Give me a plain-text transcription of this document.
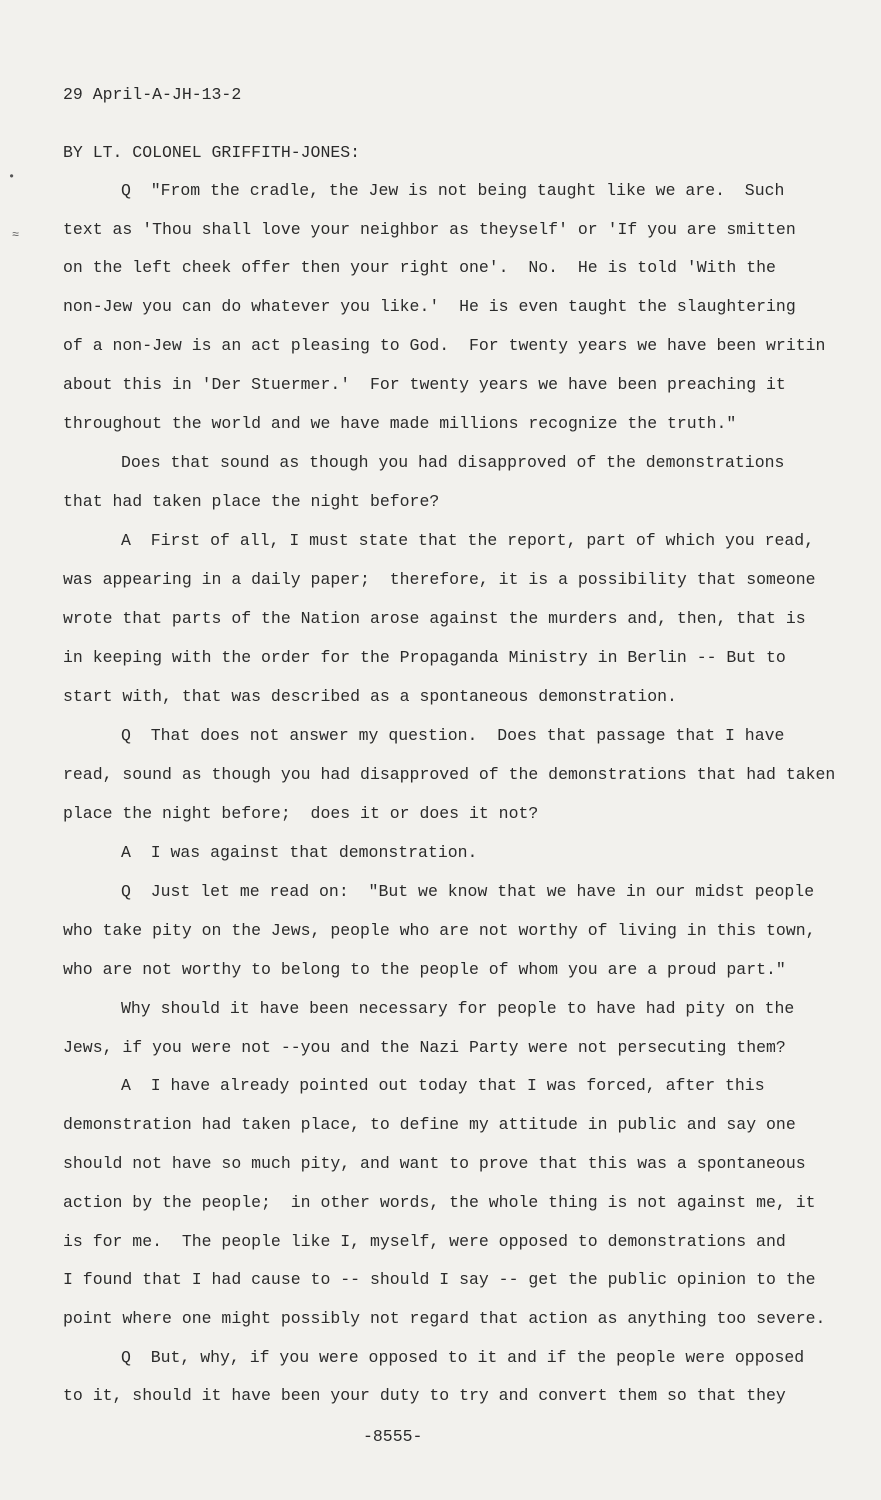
•
≈
29 April-A-JH-13-2
BY LT. COLONEL GRIFFITH-JONES:
Q  "From the cradle, the Jew is not being taught like we are.  Such
text as 'Thou shall love your neighbor as theyself' or 'If you are smitten
on the left cheek offer then your right one'.  No.  He is told 'With the
non-Jew you can do whatever you like.'  He is even taught the slaughtering
of a non-Jew is an act pleasing to God.  For twenty years we have been writin
about this in 'Der Stuermer.'  For twenty years we have been preaching it
throughout the world and we have made millions recognize the truth."
Does that sound as though you had disapproved of the demonstrations
that had taken place the night before?
A  First of all, I must state that the report, part of which you read,
was appearing in a daily paper;  therefore, it is a possibility that someone
wrote that parts of the Nation arose against the murders and, then, that is
in keeping with the order for the Propaganda Ministry in Berlin -- But to
start with, that was described as a spontaneous demonstration.
Q  That does not answer my question.  Does that passage that I have
read, sound as though you had disapproved of the demonstrations that had taken
place the night before;  does it or does it not?
A  I was against that demonstration.
Q  Just let me read on:  "But we know that we have in our midst people
who take pity on the Jews, people who are not worthy of living in this town,
who are not worthy to belong to the people of whom you are a proud part."
Why should it have been necessary for people to have had pity on the
Jews, if you were not --you and the Nazi Party were not persecuting them?
A  I have already pointed out today that I was forced, after this
demonstration had taken place, to define my attitude in public and say one
should not have so much pity, and want to prove that this was a spontaneous
action by the people;  in other words, the whole thing is not against me, it
is for me.  The people like I, myself, were opposed to demonstrations and
I found that I had cause to -- should I say -- get the public opinion to the
point where one might possibly not regard that action as anything too severe.
Q  But, why, if you were opposed to it and if the people were opposed
to it, should it have been your duty to try and convert them so that they
-8555-
